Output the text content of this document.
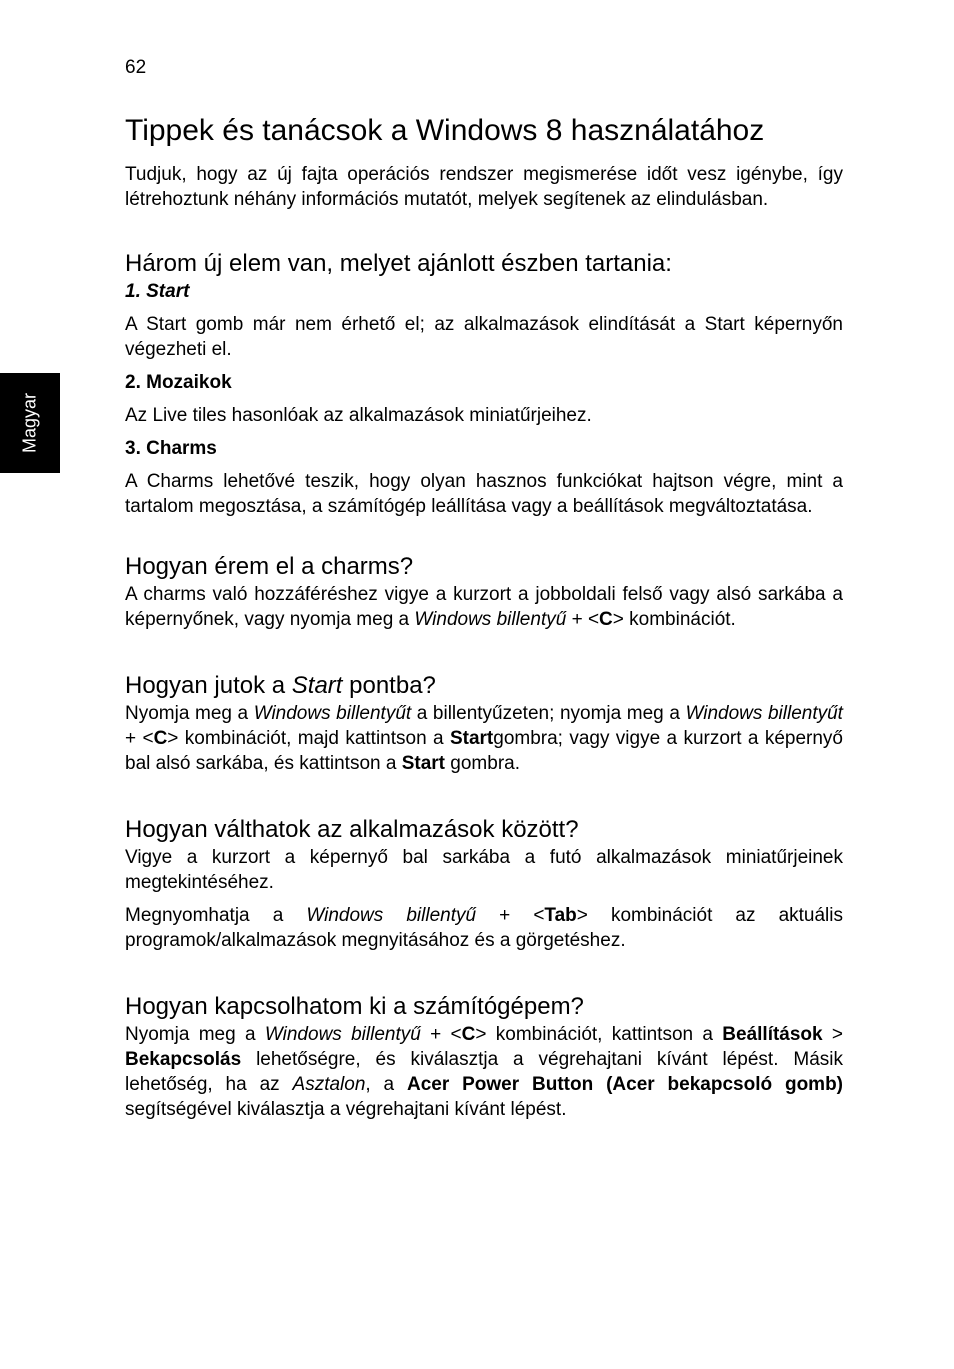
62
Magyar
Tippek és tanácsok a Windows 8 használatához

Tudjuk, hogy az új fajta operációs rendszer megismerése időt vesz igénybe, így létrehoztunk néhány információs mutatót, melyek segítenek az elindulásban.

Három új elem van, melyet ajánlott észben tartania:
1. Start

A Start gomb már nem érhető el; az alkalmazások elindítását a Start képernyőn végezheti el.

2. Mozaikok

Az Live tiles hasonlóak az alkalmazások miniatűrjeihez.

3. Charms

A Charms lehetővé teszik, hogy olyan hasznos funkciókat hajtson végre, mint a tartalom megosztása, a számítógép leállítása vagy a beállítások megváltoztatása.

Hogyan érem el a charms?

A charms való hozzáféréshez vigye a kurzort a jobboldali felső vagy alsó sarkába a képernyőnek, vagy nyomja meg a Windows billentyű + <C> kombinációt.

Hogyan jutok a Start pontba?

Nyomja meg a Windows billentyűt a billentyűzeten; nyomja meg a Windows billentyűt + <C> kombinációt, majd kattintson a Startgombra; vagy vigye a kurzort a képernyő bal alsó sarkába, és kattintson a Start gombra.

Hogyan válthatok az alkalmazások között?

Vigye a kurzort a képernyő bal sarkába a futó alkalmazások miniatűrjeinek megtekintéséhez.

Megnyomhatja a Windows billentyű + <Tab> kombinációt az aktuális programok/alkalmazások megnyitásához és a görgetéshez.

Hogyan kapcsolhatom ki a számítógépem?

Nyomja meg a Windows billentyű + <C> kombinációt, kattintson a Beállítások > Bekapcsolás lehetőségre, és kiválasztja a végrehajtani kívánt lépést. Másik lehetőség, ha az Asztalon, a Acer Power Button (Acer bekapcsoló gomb) segítségével kiválasztja a végrehajtani kívánt lépést.
